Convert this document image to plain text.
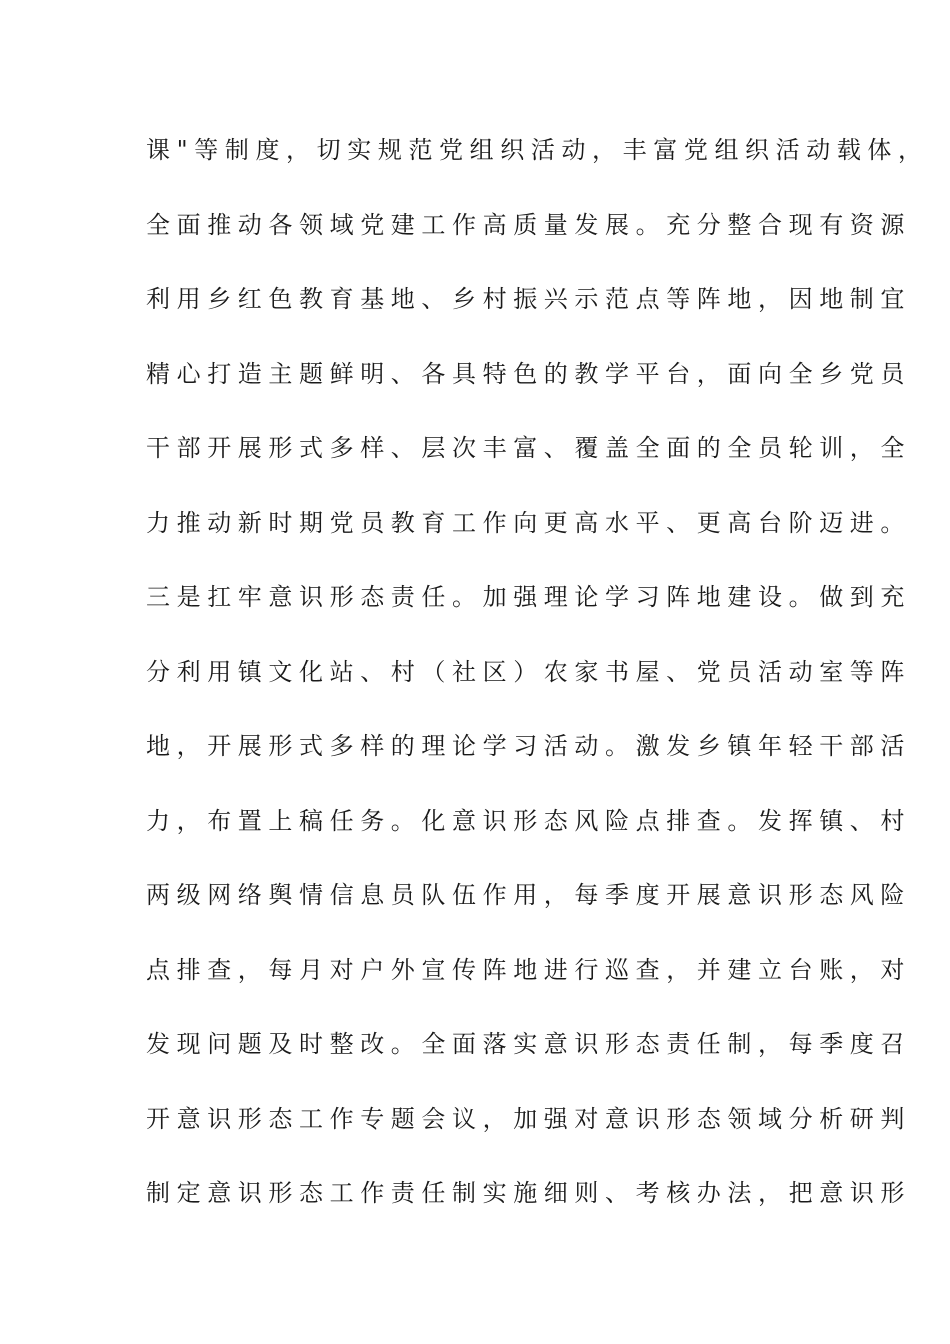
课"等制度，切实规范党组织活动，丰富党组织活动载体，
全面推动各领域党建工作高质量发展。充分整合现有资源
利用乡红色教育基地、乡村振兴示范点等阵地，因地制宜
精心打造主题鲜明、各具特色的教学平台，面向全乡党员
干部开展形式多样、层次丰富、覆盖全面的全员轮训，全
力推动新时期党员教育工作向更高水平、更高台阶迈进。
三是扛牢意识形态责任。加强理论学习阵地建设。做到充
分利用镇文化站、村（社区）农家书屋、党员活动室等阵
地，开展形式多样的理论学习活动。激发乡镇年轻干部活
力，布置上稿任务。化意识形态风险点排查。发挥镇、村
两级网络舆情信息员队伍作用，每季度开展意识形态风险
点排查，每月对户外宣传阵地进行巡查，并建立台账，对
发现问题及时整改。全面落实意识形态责任制，每季度召
开意识形态工作专题会议，加强对意识形态领域分析研判
制定意识形态工作责任制实施细则、考核办法，把意识形
